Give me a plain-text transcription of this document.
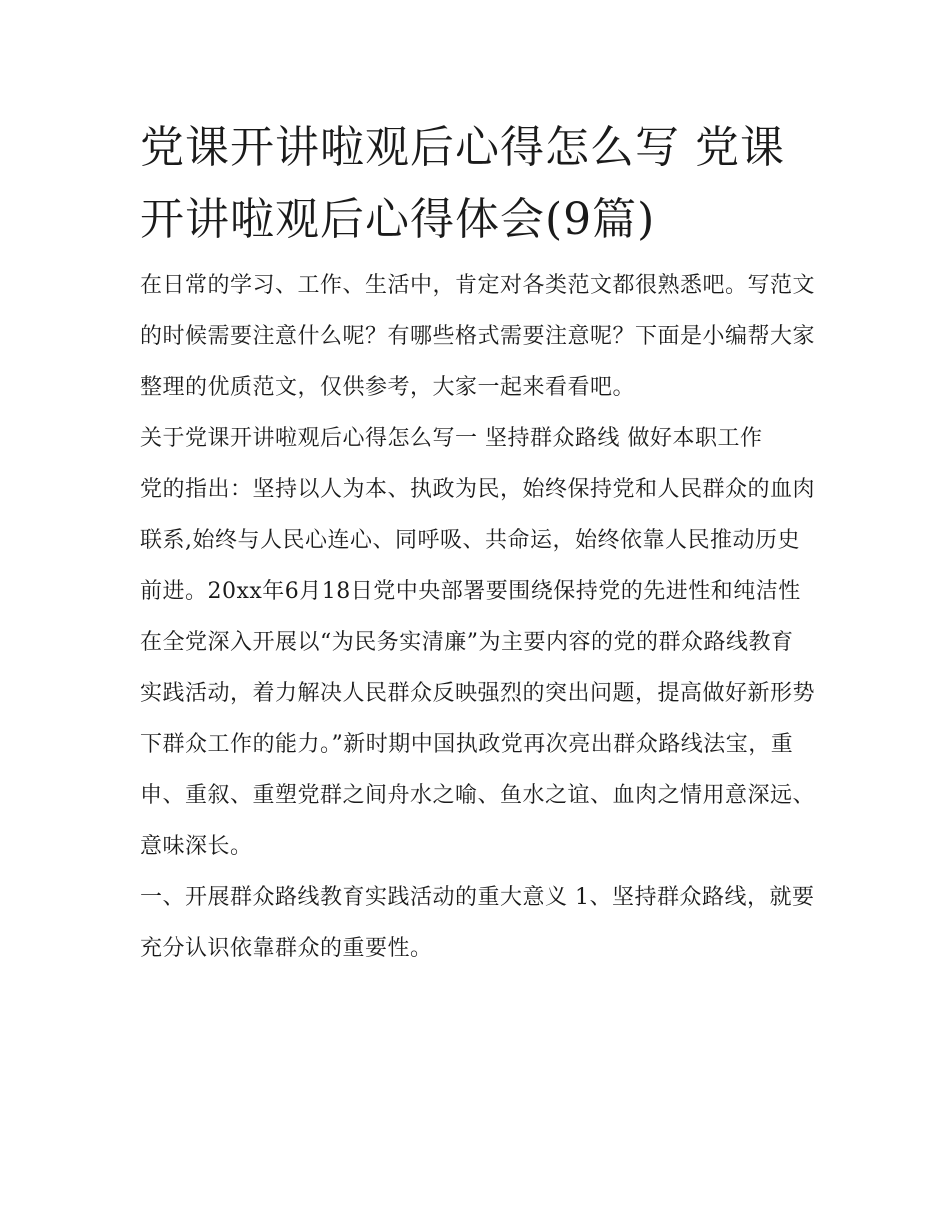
党课开讲啦观后心得怎么写 党课开讲啦观后心得体会(9篇)

在日常的学习、工作、生活中，肯定对各类范文都很熟悉吧。写范文的时候需要注意什么呢？有哪些格式需要注意呢？下面是小编帮大家整理的优质范文，仅供参考，大家一起来看看吧。

关于党课开讲啦观后心得怎么写一 坚持群众路线 做好本职工作

党的指出：坚持以人为本、执政为民，始终保持党和人民群众的血肉联系,始终与人民心连心、同呼吸、共命运，始终依靠人民推动历史前进。20xx年6月18日党中央部署要围绕保持党的先进性和纯洁性在全党深入开展以“为民务实清廉”为主要内容的党的群众路线教育实践活动，着力解决人民群众反映强烈的突出问题，提高做好新形势下群众工作的能力。”新时期中国执政党再次亮出群众路线法宝，重申、重叙、重塑党群之间舟水之喻、鱼水之谊、血肉之情用意深远、意味深长。

一、开展群众路线教育实践活动的重大意义 1、坚持群众路线，就要充分认识依靠群众的重要性。
